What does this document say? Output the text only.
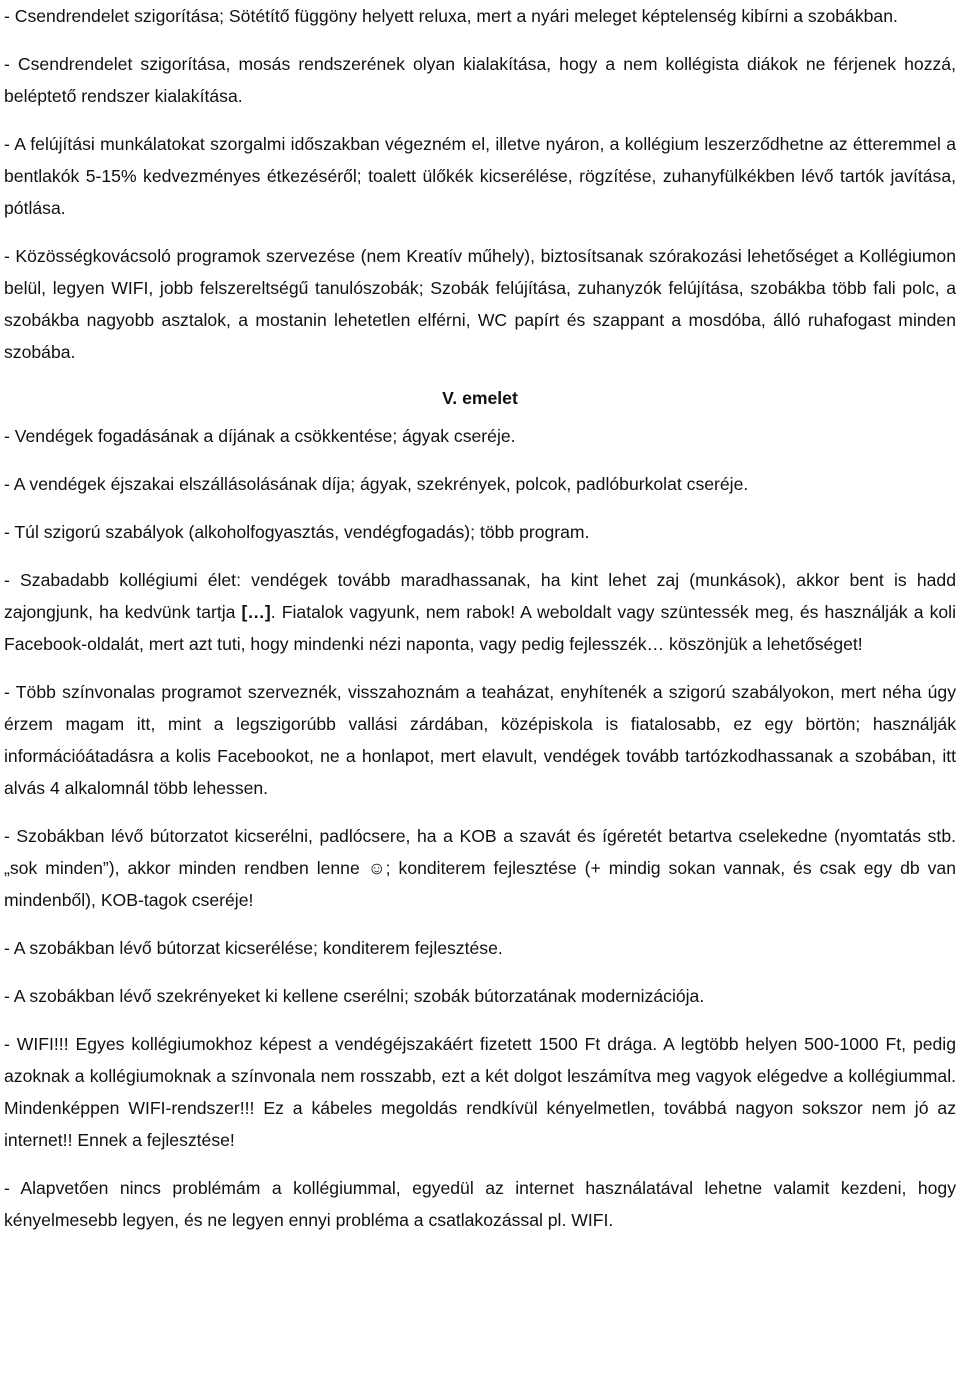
- Csendrendelet szigorítása; Sötétítő függöny helyett reluxa, mert a nyári meleget képtelenség kibírni a szobákban.

- Csendrendelet szigorítása, mosás rendszerének olyan kialakítása, hogy a nem kollégista diákok ne férjenek hozzá, beléptető rendszer kialakítása.

- A felújítási munkálatokat szorgalmi időszakban végezném el, illetve nyáron, a kollégium leszerződhetne az étteremmel a bentlakók 5-15% kedvezményes étkezéséről; toalett ülőkék kicserélése, rögzítése, zuhanyfülkékben lévő tartók javítása, pótlása.

- Közösségkovácsoló programok szervezése (nem Kreatív műhely), biztosítsanak szórakozási lehetőséget a Kollégiumon belül, legyen WIFI, jobb felszereltségű tanulószobák; Szobák felújítása, zuhanyzók felújítása, szobákba több fali polc, a szobákba nagyobb asztalok, a mostanin lehetetlen elférni, WC papírt és szappant a mosdóba, álló ruhafogast minden szobába.

V. emelet

- Vendégek fogadásának a díjának a csökkentése; ágyak cseréje.

- A vendégek éjszakai elszállásolásának díja; ágyak, szekrények, polcok, padlóburkolat cseréje.

- Túl szigorú szabályok (alkoholfogyasztás, vendégfogadás); több program.

- Szabadabb kollégiumi élet: vendégek tovább maradhassanak, ha kint lehet zaj (munkások), akkor bent is hadd zajongjunk, ha kedvünk tartja […]. Fiatalok vagyunk, nem rabok! A weboldalt vagy szüntessék meg, és használják a koli Facebook-oldalát, mert azt tuti, hogy mindenki nézi naponta, vagy pedig fejlesszék… köszönjük a lehetőséget!

- Több színvonalas programot szerveznék, visszahoznám a teaházat, enyhítenék a szigorú szabályokon, mert néha úgy érzem magam itt, mint a legszigorúbb vallási zárdában, középiskola is fiatalosabb, ez egy börtön; használják információátadásra a kolis Facebookot, ne a honlapot, mert elavult, vendégek tovább tartózkodhassanak a szobában, itt alvás 4 alkalomnál több lehessen.

- Szobákban lévő bútorzatot kicserélni, padlócsere, ha a KOB a szavát és ígéretét betartva cselekedne (nyomtatás stb. „sok minden”), akkor minden rendben lenne ☺; konditerem fejlesztése (+ mindig sokan vannak, és csak egy db van mindenből), KOB-tagok cseréje!

- A szobákban lévő bútorzat kicserélése; konditerem fejlesztése.

- A szobákban lévő szekrényeket ki kellene cserélni; szobák bútorzatának modernizációja.

- WIFI!!! Egyes kollégiumokhoz képest a vendégéjszakáért fizetett 1500 Ft drága. A legtöbb helyen 500-1000 Ft, pedig azoknak a kollégiumoknak a színvonala nem rosszabb, ezt a két dolgot leszámítva meg vagyok elégedve a kollégiummal. Mindenképpen WIFI-rendszer!!! Ez a kábeles megoldás rendkívül kényelmetlen, továbbá nagyon sokszor nem jó az internet!! Ennek a fejlesztése!

- Alapvetően nincs problémám a kollégiummal, egyedül az internet használatával lehetne valamit kezdeni, hogy kényelmesebb legyen, és ne legyen ennyi probléma a csatlakozással pl. WIFI.
